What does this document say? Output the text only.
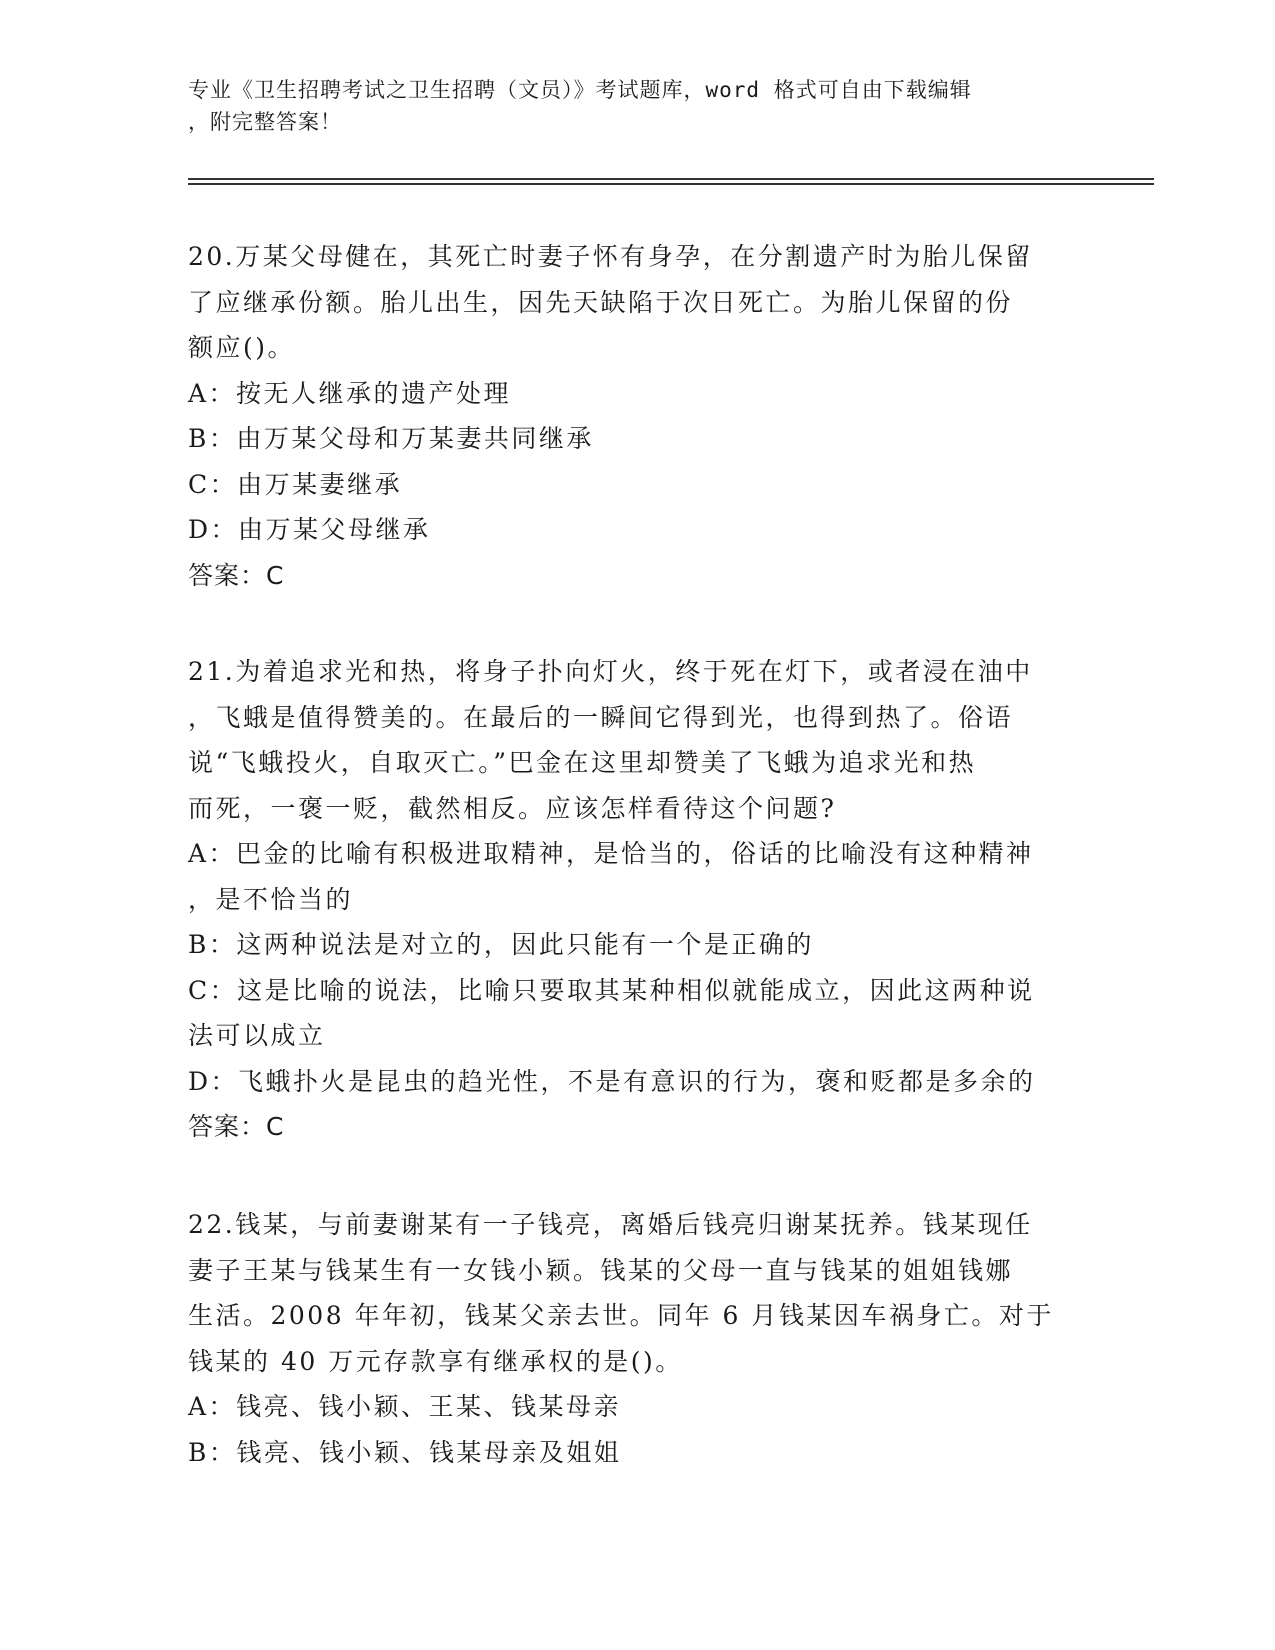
专业《卫生招聘考试之卫生招聘（文员）》考试题库，word 格式可自由下载编辑
，附完整答案！

20.万某父母健在，其死亡时妻子怀有身孕，在分割遗产时为胎儿保留

了应继承份额。胎儿出生，因先天缺陷于次日死亡。为胎儿保留的份

额应()。

A：按无人继承的遗产处理

B：由万某父母和万某妻共同继承

C：由万某妻继承

D：由万某父母继承

答案：C

21.为着追求光和热，将身子扑向灯火，终于死在灯下，或者浸在油中

，飞蛾是值得赞美的。在最后的一瞬间它得到光，也得到热了。俗语

说“飞蛾投火，自取灭亡。”巴金在这里却赞美了飞蛾为追求光和热

而死，一褒一贬，截然相反。应该怎样看待这个问题?

A：巴金的比喻有积极进取精神，是恰当的，俗话的比喻没有这种精神

，是不恰当的

B：这两种说法是对立的，因此只能有一个是正确的

C：这是比喻的说法，比喻只要取其某种相似就能成立，因此这两种说

法可以成立

D：飞蛾扑火是昆虫的趋光性，不是有意识的行为，褒和贬都是多余的

答案：C

22.钱某，与前妻谢某有一子钱亮，离婚后钱亮归谢某抚养。钱某现任

妻子王某与钱某生有一女钱小颖。钱某的父母一直与钱某的姐姐钱娜

生活。2008 年年初，钱某父亲去世。同年 6 月钱某因车祸身亡。对于

钱某的 40 万元存款享有继承权的是()。

A：钱亮、钱小颖、王某、钱某母亲

B：钱亮、钱小颖、钱某母亲及姐姐
